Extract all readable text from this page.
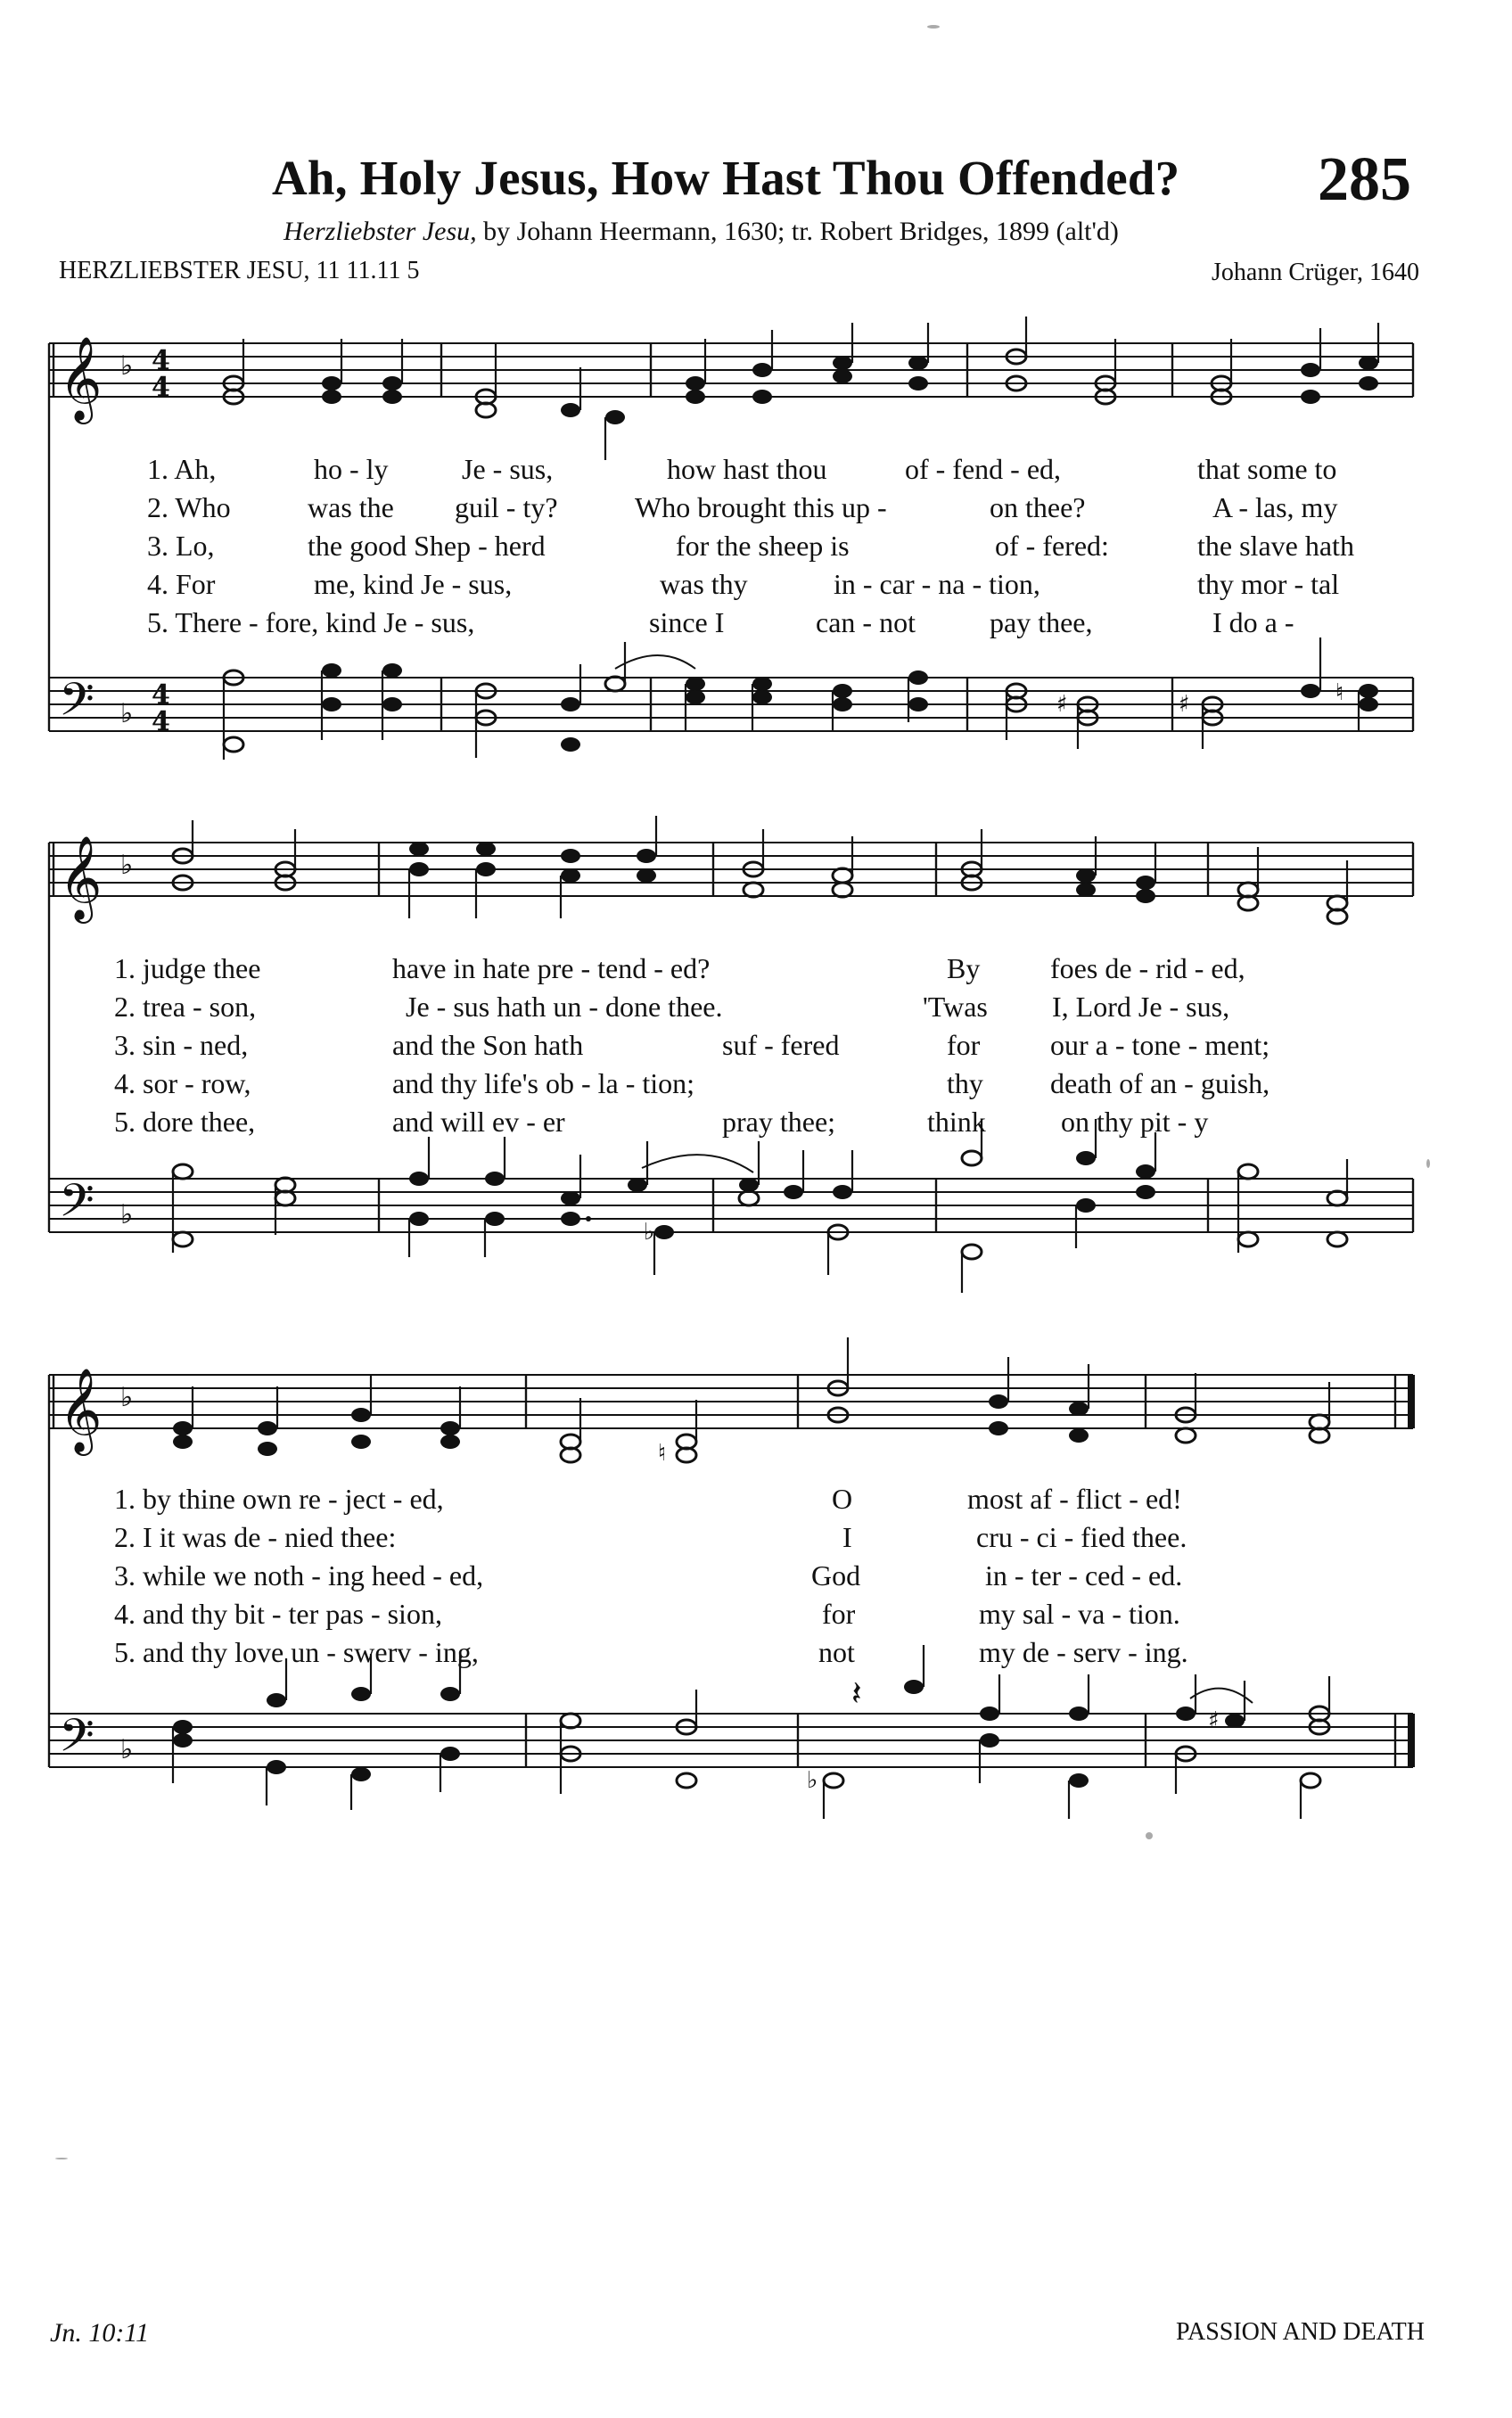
Ah, Holy Jesus, How Hast Thou Offended? 285
Herzliebster Jesu, by Johann Heermann, 1630; tr. Robert Bridges, 1899 (alt'd)
HERZLIEBSTER JESU, 11 11.11 5	Johann Crüger, 1640
𝄞
𝄢
♭
♭
4
4
4
4
♯	♯	♮
1. Ah,	ho - ly	Je - sus,	how hast thou	of - fend - ed,	that some to
2. Who	was the guil - ty?	Who brought this up -	on thee?	A - las, my
3. Lo,	the good Shep - herd	for the sheep is	of - fered:	the slave hath
4. For	me, kind Je - sus,	was thy	in - car - na - tion,	thy mor - tal
5. There - fore, kind Je - sus,	since I	can - not	pay thee,	I do a -
𝄞
𝄢
♭
♭
♭
1. judge thee	have in hate pre - tend - ed?	By foes de - rid - ed,
2. trea - son,	Je - sus hath un - done thee.	'Twas I, Lord Je - sus,
3. sin - ned,	and the Son hath	suf - fered	for our a - tone - ment;
4. sor - row,	and thy life's ob - la - tion;	thy death of an - guish,
5. dore thee,	and will ev - er	pray thee;	think	on thy pit - y
𝄞
𝄢
♭
♭
♮
𝄽
♭
♯
1. by thine own re - ject - ed,	O	most af - flict - ed!
2. I it was de - nied thee:	I	cru - ci - fied thee.
3. while we noth - ing heed - ed,	God	in - ter - ced - ed.
4. and thy bit - ter pas - sion,	for	my sal - va - tion.
5. and thy love un - swerv - ing,	not	my de - serv - ing.
Jn. 10:11	PASSION AND DEATH
